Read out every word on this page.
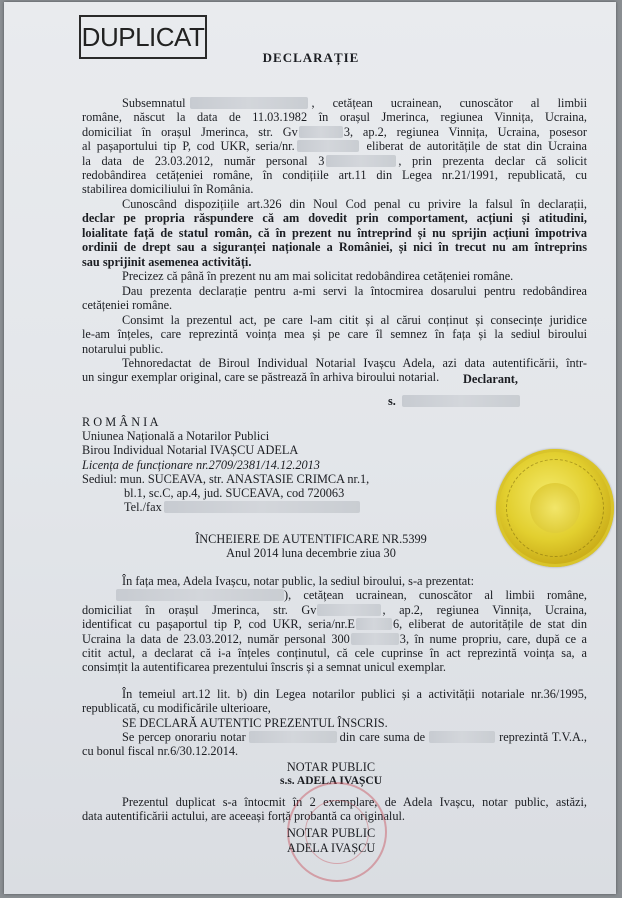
DUPLICAT
DECLARAȚIE
Subsemnatul	, cetățean ucrainean, cunoscător al limbii
române, născut la data de 11.03.1982 în orașul Jmerinca, regiunea Vinnița, Ucraina,
domiciliat în orașul Jmerinca, str. Gv	3, ap.2, regiunea Vinnița, Ucraina, posesor
al pașaportului tip P, cod UKR, seria/nr.	eliberat de autoritățile de stat din Ucraina
la data de 23.03.2012, număr personal 3	, prin prezenta declar că solicit
redobândirea cetățeniei române, în condițiile art.11 din Legea nr.21/1991, republicată, cu
stabilirea domiciliului în România.
Cunoscând dispozițiile art.326 din Noul Cod penal cu privire la falsul în declarații,
declar pe propria răspundere că am dovedit prin comportament, acțiuni și atitudini,
loialitate față de statul român, că în prezent nu întreprind și nu sprijin acțiuni împotriva
ordinii de drept sau a siguranței naționale a României, și nici în trecut nu am întreprins
sau sprijinit asemenea activități.
Precizez că până în prezent nu am mai solicitat redobândirea cetățeniei române.
Dau prezenta declarație pentru a-mi servi la întocmirea dosarului pentru redobândirea
cetățeniei române.
Consimt la prezentul act, pe care l-am citit și al cărui conținut și consecințe juridice
le-am înțeles, care reprezintă voința mea și pe care îl semnez în fața și la sediul biroului
notarului public.
Tehnoredactat de Biroul Individual Notarial Ivașcu Adela, azi data autentificării, într-
un singur exemplar original, care se păstrează în arhiva biroului notarial.	Declarant,
s.
R O M Â N I A
Uniunea Națională a Notarilor Publici
Birou Individual Notarial IVAȘCU ADELA
Licența de funcționare nr.2709/2381/14.12.2013
Sediul: mun. SUCEAVA, str. ANASTASIE CRIMCA nr.1,
bl.1, sc.C, ap.4, jud. SUCEAVA, cod 720063
Tel./fax
ÎNCHEIERE DE AUTENTIFICARE NR.5399
Anul 2014 luna decembrie ziua 30
În fața mea, Adela Ivașcu, notar public, la sediul biroului, s-a prezentat:
), cetățean ucrainean, cunoscător al limbii române,
domiciliat în orașul Jmerinca, str. Gv	, ap.2, regiunea Vinnița, Ucraina,
identificat cu pașaportul tip P, cod UKR, seria/nr.E	6, eliberat de autoritățile de stat din
Ucraina la data de 23.03.2012, număr personal 300	3, în nume propriu, care, după ce a
citit actul, a declarat că i-a înțeles conținutul, că cele cuprinse în act reprezintă voința sa, a
consimțit la autentificarea prezentului înscris și a semnat unicul exemplar.
În temeiul art.12 lit. b) din Legea notarilor publici și a activității notariale nr.36/1995,
republicată, cu modificările ulterioare,
SE DECLARĂ AUTENTIC PREZENTUL ÎNSCRIS.
Se percep onorariu notar	din care suma de	reprezintă T.V.A.,
cu bonul fiscal nr.6/30.12.2014.
NOTAR PUBLIC
s.s. ADELA IVAȘCU
Prezentul duplicat s-a întocmit în 2 exemplare, de Adela Ivașcu, notar public, astăzi,
data autentificării actului, are aceeași forță probantă ca originalul.
NOTAR PUBLIC
ADELA IVAȘCU
